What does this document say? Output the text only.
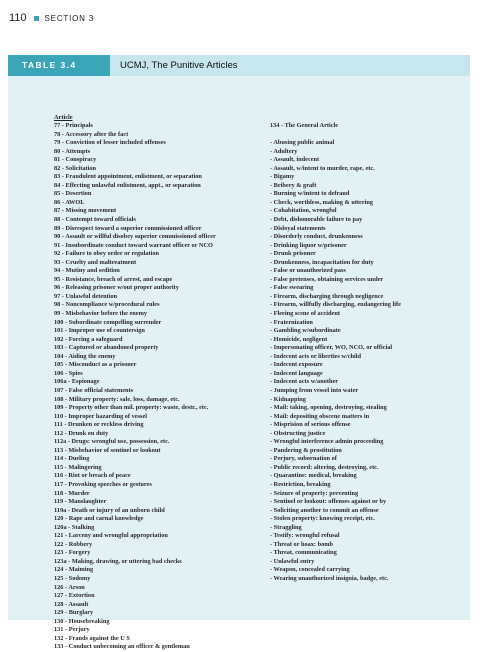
110 SECTION 3
TABLE 3.4	UCMJ, The Punitive Articles
Article
77 - Principals
78 - Accessory after the fact
79 - Conviction of lesser included offenses
80 - Attempts
81 - Conspiracy
82 - Solicitation
83 - Fraudulent appointment, enlistment, or separation
84 - Effecting unlawful enlistment, appt., or separation
85 - Desertion
86 - AWOL
87 - Missing movement
88 - Contempt toward officials
89 - Disrespect toward a superior commissioned officer
90 - Assault or willful disobey superior commissioned officer
91 - Insubordinate conduct toward warrant officer or NCO
92 - Failure to obey order or regulation
93 - Cruelty and maltreatment
94 - Mutiny and sedition
95 - Resistance, breach of arrest, and escape
96 - Releasing prisoner w/out proper authority
97 - Unlawful detention
98 - Noncompliance w/procedural rules
99 - Misbehavior before the enemy
100 - Subordinate compelling surrender
101 - Improper use of countersign
102 - Forcing a safeguard
103 - Captured or abandoned property
104 - Aiding the enemy
105 - Misconduct as a prisoner
106 - Spies
106a - Espionage
107 - False official statements
108 - Military property: sale, loss, damage, etc.
109 - Property other than mil. property: waste, destr., etc.
110 - Improper hazarding of vessel
111 - Drunken or reckless driving
112 - Drunk on duty
112a - Drugs: wrongful use, possession, etc.
113 - Misbehavior of sentinel or lookout
114 - Dueling
115 - Malingering
116 - Riot or breach of peace
117 - Provoking speeches or gestures
118 - Murder
119 - Manslaughter
119a - Death or injury of an unborn child
120 - Rape and carnal knowledge
120a - Stalking
121 - Larceny and wrongful appropriation
122 - Robbery
123 - Forgery
123a - Making, drawing, or uttering bad checks
124 - Maiming
125 - Sodomy
126 - Arson
127 - Extortion
128 - Assault
129 - Burglary
130 - Housebreaking
131 - Perjury
132 - Frauds against the U S
133 - Conduct unbecoming an officer & gentleman
134 - The General Article
- Abusing public animal
- Adultery
- Assault, indecent
- Assault, w/intent to murder, rape, etc.
- Bigamy
- Bribery & graft
- Burning w/intent to defraud
- Check, worthless, making & uttering
- Cohabitation, wrongful
- Debt, dishonorable failure to pay
- Disloyal statements
- Disorderly conduct, drunkenness
- Drinking liquor w/prisoner
- Drunk prisoner
- Drunkenness, incapacitation for duty
- False or unauthorized pass
- False pretenses, obtaining services under
- False swearing
- Firearm, discharging through negligence
- Firearm, willfully discharging, endangering life
- Fleeing scene of accident
- Fraternization
- Gambling w/subordinate
- Homicide, negligent
- Impersonating officer, WO, NCO, or official
- Indecent acts or liberties w/child
- Indecent exposure
- Indecent language
- Indecent acts w/another
- Jumping from vessel into water
- Kidnapping
- Mail: taking, opening, destroying, stealing
- Mail: depositing obscene matters in
- Misprision of serious offense
- Obstructing justice
- Wrongful interference admin proceeding
- Pandering & prostitution
- Perjury, subornation of
- Public record: altering, destroying, etc.
- Quarantine: medical, breaking
- Restriction, breaking
- Seizure of property: preventing
- Sentinel or lookout: offenses against or by
- Soliciting another to commit an offense
- Stolen property: knowing receipt, etc.
- Straggling
- Testify: wrongful refusal
- Threat or hoax: bomb
- Threat, communicating
- Unlawful entry
- Weapon, concealed carrying
- Wearing unauthorized insignia, badge, etc.
